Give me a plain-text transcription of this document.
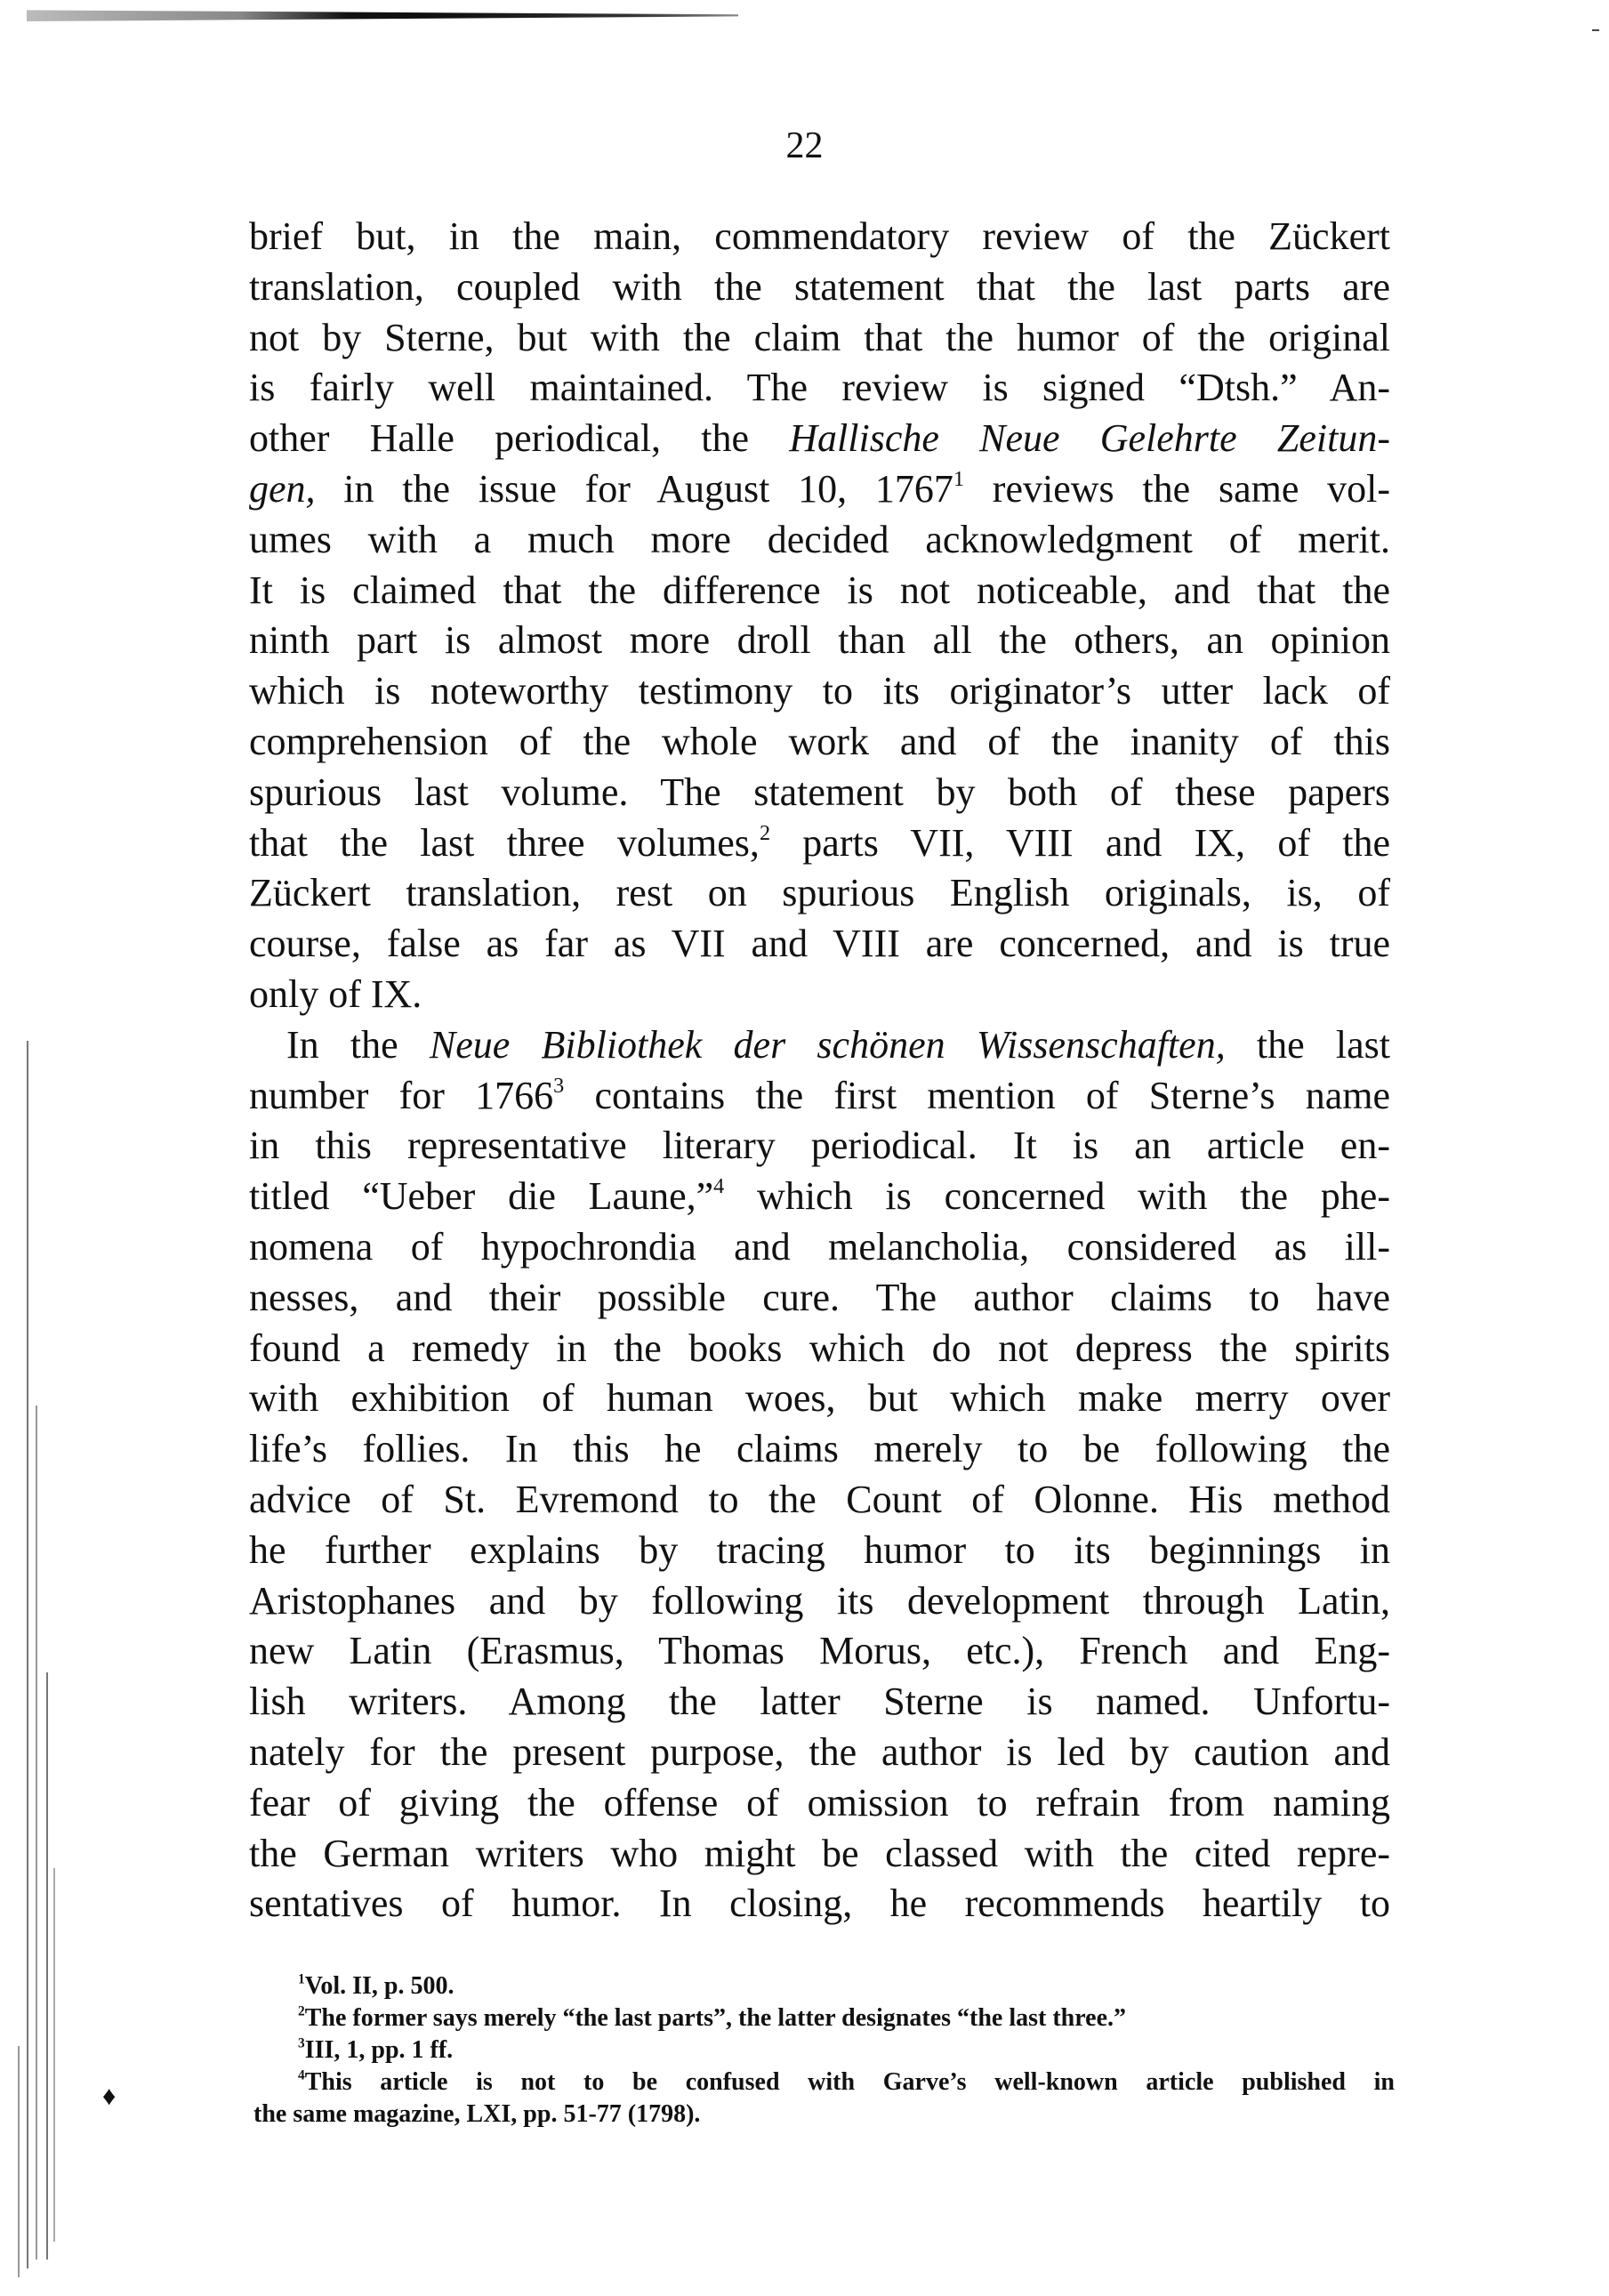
♦
22
brief but, in the main, commendatory review of the Zückert
translation, coupled with the statement that the last parts are
not by Sterne, but with the claim that the humor of the original
is fairly well maintained. The review is signed “Dtsh.” An-
other Halle periodical, the Hallische Neue Gelehrte Zeitun-
gen, in the issue for August 10, 1767$^1$ reviews the same vol-
umes with a much more decided acknowledgment of merit.
It is claimed that the difference is not noticeable, and that the
ninth part is almost more droll than all the others, an opinion
which is noteworthy testimony to its originator’s utter lack of
comprehension of the whole work and of the inanity of this
spurious last volume. The statement by both of these papers
that the last three volumes,$^2$ parts VII, VIII and IX, of the
Zückert translation, rest on spurious English originals, is, of
course, false as far as VII and VIII are concerned, and is true
only of IX.
In the Neue Bibliothek der schönen Wissenschaften, the last
number for 1766$^3$ contains the first mention of Sterne’s name
in this representative literary periodical. It is an article en-
titled “Ueber die Laune,”$^4$ which is concerned with the phe-
nomena of hypochrondia and melancholia, considered as ill-
nesses, and their possible cure. The author claims to have
found a remedy in the books which do not depress the spirits
with exhibition of human woes, but which make merry over
life’s follies. In this he claims merely to be following the
advice of St. Evremond to the Count of Olonne. His method
he further explains by tracing humor to its beginnings in
Aristophanes and by following its development through Latin,
new Latin (Erasmus, Thomas Morus, etc.), French and Eng-
lish writers. Among the latter Sterne is named. Unfortu-
nately for the present purpose, the author is led by caution and
fear of giving the offense of omission to refrain from naming
the German writers who might be classed with the cited repre-
sentatives of humor. In closing, he recommends heartily to
$^1$Vol. II, p. 500.
$^2$The former says merely “the last parts”, the latter designates “the last three.”
$^3$III, 1, pp. 1 ff.
$^4$This article is not to be confused with Garve’s well-known article published in
the same magazine, LXI, pp. 51-77 (1798).
